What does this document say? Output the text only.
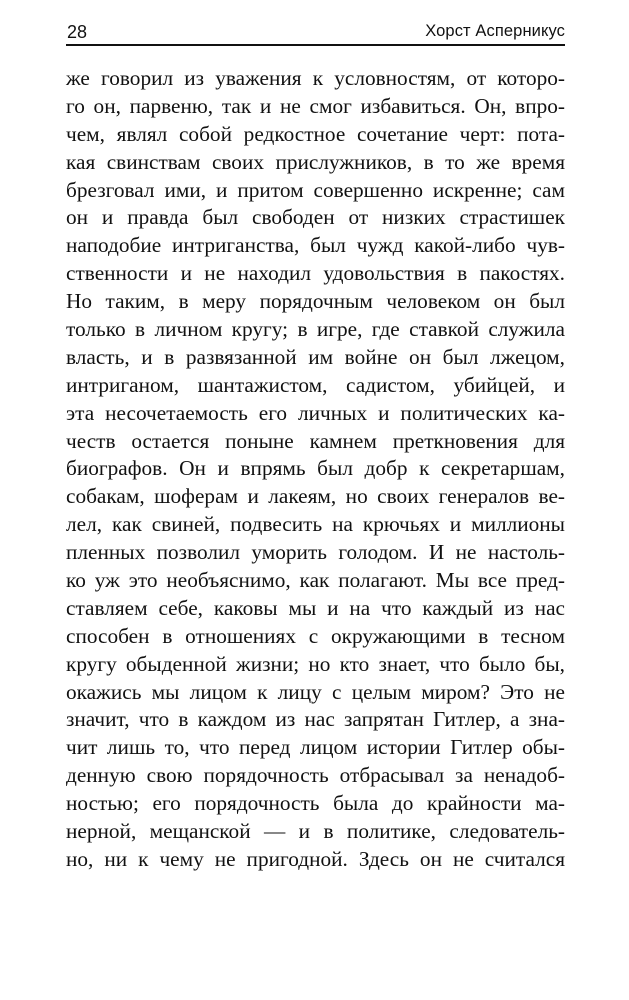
28	Хорст Асперникус
же говорил из уважения к условностям, от которо-
го он, парвеню, так и не смог избавиться. Он, впро-
чем, являл собой редкостное сочетание черт: пота-
кая свинствам своих прислужников, в то же время
брезговал ими, и притом совершенно искренне; сам
он и правда был свободен от низких страстишек
наподобие интриганства, был чужд какой-либо чув-
ственности и не находил удовольствия в пакостях.
Но таким, в меру порядочным человеком он был
только в личном кругу; в игре, где ставкой служила
власть, и в развязанной им войне он был лжецом,
интриганом, шантажистом, садистом, убийцей, и
эта несочетаемость его личных и политических ка-
честв остается поныне камнем преткновения для
биографов. Он и впрямь был добр к секретаршам,
собакам, шоферам и лакеям, но своих генералов ве-
лел, как свиней, подвесить на крючьях и миллионы
пленных позволил уморить голодом. И не настоль-
ко уж это необъяснимо, как полагают. Мы все пред-
ставляем себе, каковы мы и на что каждый из нас
способен в отношениях с окружающими в тесном
кругу обыденной жизни; но кто знает, что было бы,
окажись мы лицом к лицу с целым миром? Это не
значит, что в каждом из нас запрятан Гитлер, а зна-
чит лишь то, что перед лицом истории Гитлер обы-
денную свою порядочность отбрасывал за ненадоб-
ностью; его порядочность была до крайности ма-
нерной, мещанской — и в политике, следователь-
но, ни к чему не пригодной. Здесь он не считался
